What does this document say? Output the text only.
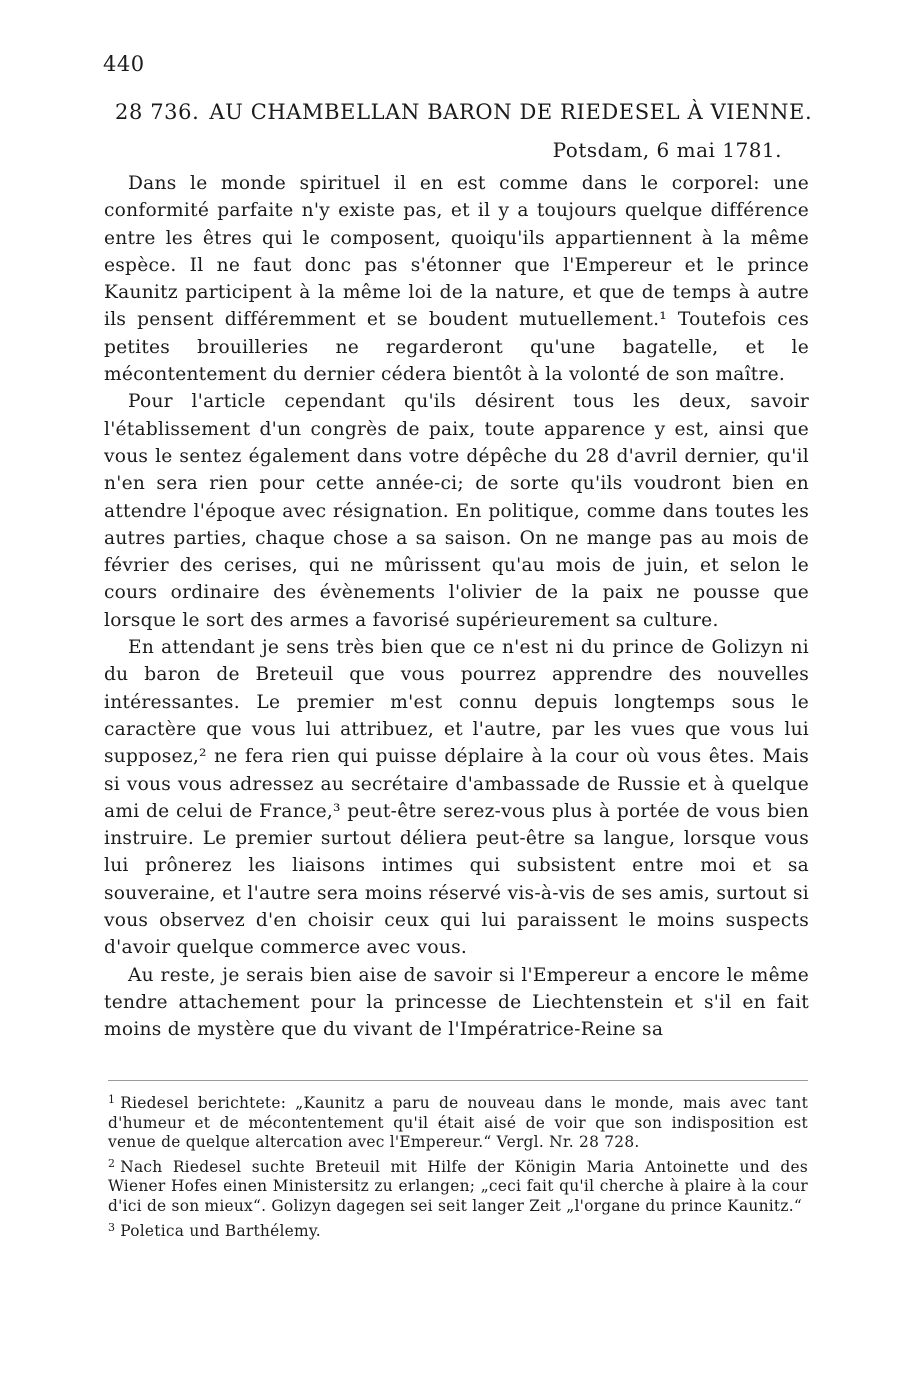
440
28 736. AU CHAMBELLAN BARON DE RIEDESEL À VIENNE.
Potsdam, 6 mai 1781.

Dans le monde spirituel il en est comme dans le corporel: une conformité parfaite n'y existe pas, et il y a toujours quelque différence entre les êtres qui le composent, quoiqu'ils appartiennent à la même espèce. Il ne faut donc pas s'étonner que l'Empereur et le prince Kaunitz participent à la même loi de la nature, et que de temps à autre ils pensent différemment et se boudent mutuellement.¹ Toutefois ces petites brouilleries ne regarderont qu'une bagatelle, et le mécontentement du dernier cédera bientôt à la volonté de son maître.

Pour l'article cependant qu'ils désirent tous les deux, savoir l'établissement d'un congrès de paix, toute apparence y est, ainsi que vous le sentez également dans votre dépêche du 28 d'avril dernier, qu'il n'en sera rien pour cette année-ci; de sorte qu'ils voudront bien en attendre l'époque avec résignation. En politique, comme dans toutes les autres parties, chaque chose a sa saison. On ne mange pas au mois de février des cerises, qui ne mûrissent qu'au mois de juin, et selon le cours ordinaire des évènements l'olivier de la paix ne pousse que lorsque le sort des armes a favorisé supérieurement sa culture.

En attendant je sens très bien que ce n'est ni du prince de Golizyn ni du baron de Breteuil que vous pourrez apprendre des nouvelles intéressantes. Le premier m'est connu depuis longtemps sous le caractère que vous lui attribuez, et l'autre, par les vues que vous lui supposez,² ne fera rien qui puisse déplaire à la cour où vous êtes. Mais si vous vous adressez au secrétaire d'ambassade de Russie et à quelque ami de celui de France,³ peut-être serez-vous plus à portée de vous bien instruire. Le premier surtout déliera peut-être sa langue, lorsque vous lui prônerez les liaisons intimes qui subsistent entre moi et sa souveraine, et l'autre sera moins réservé vis-à-vis de ses amis, surtout si vous observez d'en choisir ceux qui lui paraissent le moins suspects d'avoir quelque commerce avec vous.

Au reste, je serais bien aise de savoir si l'Empereur a encore le même tendre attachement pour la princesse de Liechtenstein et s'il en fait moins de mystère que du vivant de l'Impératrice-Reine sa

1 Riedesel berichtete: „Kaunitz a paru de nouveau dans le monde, mais avec tant d'humeur et de mécontentement qu'il était aisé de voir que son indisposition est venue de quelque altercation avec l'Empereur.“ Vergl. Nr. 28 728.
2 Nach Riedesel suchte Breteuil mit Hilfe der Königin Maria Antoinette und des Wiener Hofes einen Ministersitz zu erlangen; „ceci fait qu'il cherche à plaire à la cour d'ici de son mieux“. Golizyn dagegen sei seit langer Zeit „l'organe du prince Kaunitz.“
3 Poletica und Barthélemy.
